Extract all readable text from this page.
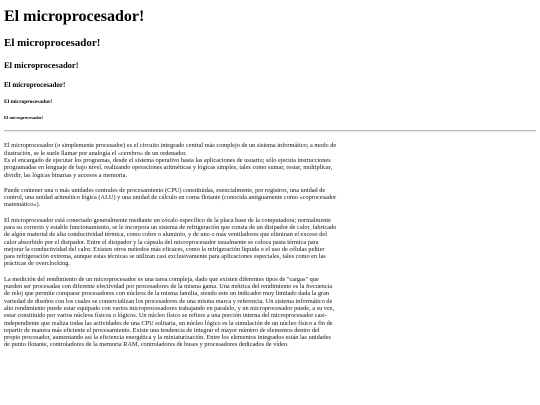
El microprocesador!
El microprocesador!
El microprocesador!
El microprocesador!
El microprocesador!
El microprocesador!

El microprocesador (o simplemente procesador) es el circuito integrado central más complejo de un sistema informático; a modo de
ilustración, se le suele llamar por analogía el «cerebro» de un ordenador.
Es el encargado de ejecutar los programas, desde el sistema operativo hasta las aplicaciones de usuario; sólo ejecuta instrucciones
programadas en lenguaje de bajo nivel, realizando operaciones aritméticas y lógicas simples, tales como sumar, restar, multiplicar,
dividir, las lógicas binarias y accesos a memoria.

Puede contener una o más unidades centrales de procesamiento (CPU) constituidas, esencialmente, por registros, una unidad de
control, una unidad aritmético lógica (ALU) y una unidad de cálculo en coma flotante (conocida antiguamente como «coprocesador
matemático»).

El microprocesador está conectado generalmente mediante un zócalo específico de la placa base de la computadora; normalmente
para su correcto y estable funcionamiento, se le incorpora un sistema de refrigeración que consta de un disipador de calor, fabricado
de algún material de alta conductividad térmica, como cobre o aluminio, y de uno o más ventiladores que eliminan el exceso del
calor absorbido por el disipador. Entre el disipador y la cápsula del microprocesador usualmente se coloca pasta térmica para
mejorar la conductividad del calor. Existen otros métodos más eficaces, como la refrigeración líquida o el uso de células peltier
para refrigeración extrema, aunque estas técnicas se utilizan casi exclusivamente para aplicaciones especiales, tales como en las
prácticas de overclocking.

La medición del rendimiento de un microprocesador es una tarea compleja, dado que existen diferentes tipos de "cargas" que
pueden ser procesadas con diferente efectividad por procesadores de la misma gama. Una métrica del rendimiento es la frecuencia
de reloj que permite comparar procesadores con núcleos de la misma familia, siendo este un indicador muy limitado dada la gran
variedad de diseños con los cuales se comercializan los procesadores de una misma marca y referencia. Un sistema informático de
alto rendimiento puede estar equipado con varios microprocesadores trabajando en paralelo, y un microprocesador puede, a su vez,
estar constituido por varios núcleos físicos o lógicos. Un núcleo físico se refiere a una porción interna del microprocesador casi-
independiente que realiza todas las actividades de una CPU solitaria, un núcleo lógico es la simulación de un núcleo físico a fin de
repartir de manera más eficiente el procesamiento. Existe una tendencia de integrar el mayor número de elementos dentro del
propio procesador, aumentando así la eficiencia energética y la miniaturización. Entre los elementos integrados están las unidades
de punto flotante, controladores de la memoria RAM, controladores de buses y procesadores dedicados de vídeo.
